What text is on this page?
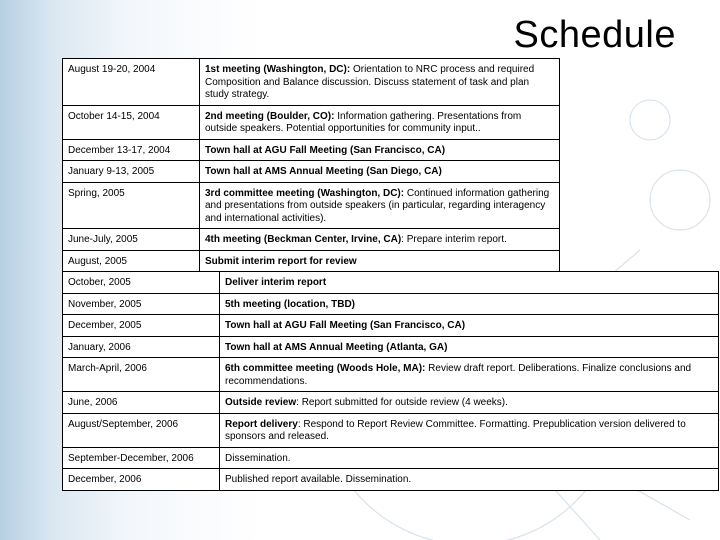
Schedule
August 19-20, 2004	1st meeting (Washington, DC): Orientation to NRC process and required Composition and Balance discussion. Discuss statement of task and plan study strategy.
October 14-15, 2004	2nd meeting (Boulder, CO): Information gathering. Presentations from outside speakers. Potential opportunities for community input..
December 13-17, 2004	Town hall at AGU Fall Meeting (San Francisco, CA)
January 9-13, 2005	Town hall at AMS Annual Meeting (San Diego, CA)
Spring, 2005	3rd committee meeting (Washington, DC): Continued information gathering and presentations from outside speakers (in particular, regarding interagency and international activities).
June-July, 2005	4th meeting (Beckman Center, Irvine, CA): Prepare interim report.
August, 2005	Submit interim report for review
October, 2005	Deliver interim report
November, 2005	5th meeting (location, TBD)
December, 2005	Town hall at AGU Fall Meeting (San Francisco, CA)
January, 2006	Town hall at AMS Annual Meeting (Atlanta, GA)
March-April, 2006	6th committee meeting (Woods Hole, MA): Review draft report. Deliberations. Finalize conclusions and recommendations.
June, 2006	Outside review: Report submitted for outside review (4 weeks).
August/September, 2006	Report delivery: Respond to Report Review Committee. Formatting. Prepublication version delivered to sponsors and released.
September-December, 2006	Dissemination.
December, 2006	Published report available. Dissemination.
